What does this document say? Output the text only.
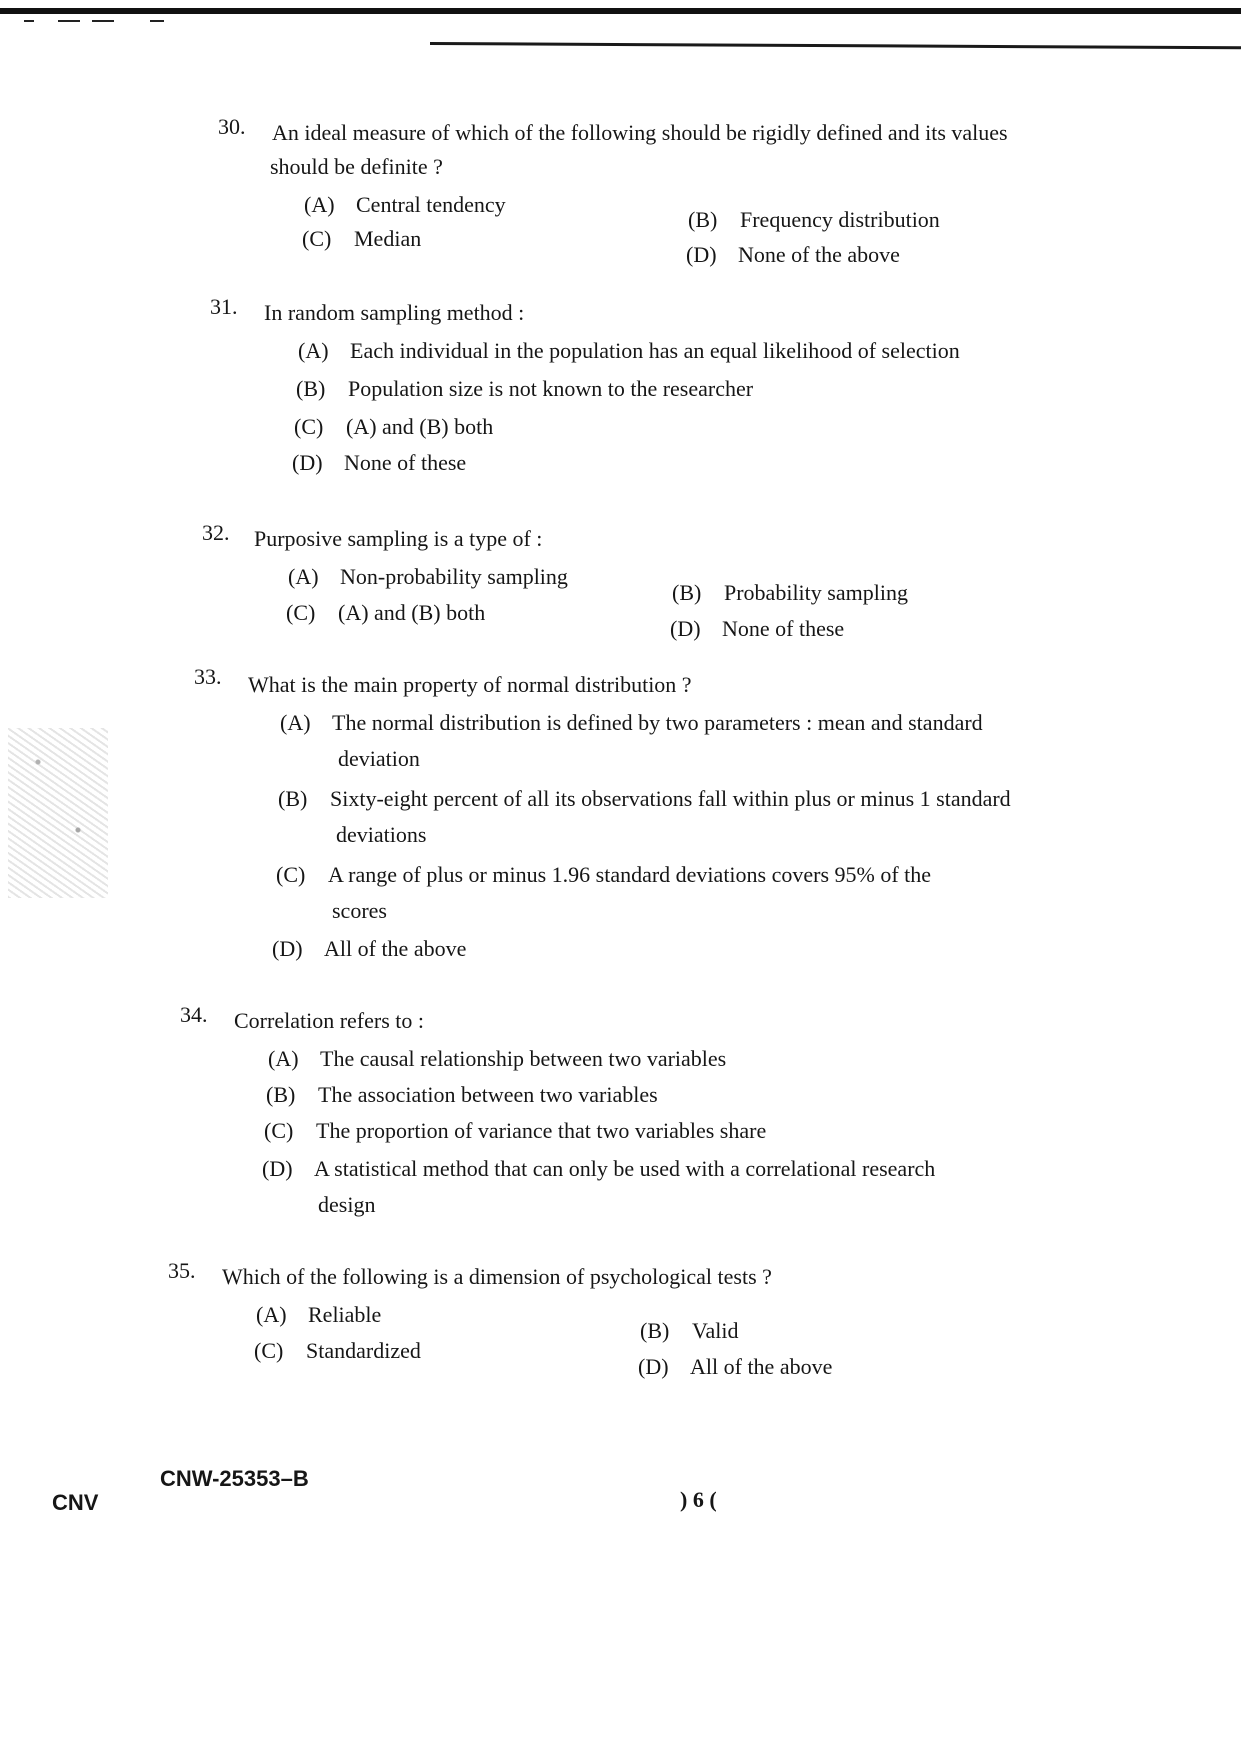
30. An ideal measure of which of the following should be rigidly defined and its values
should be definite ?
(A) Central tendency
(B) Frequency distribution
(C) Median
(D) None of the above
31. In random sampling method :
(A) Each individual in the population has an equal likelihood of selection
(B) Population size is not known to the researcher
(C) (A) and (B) both
(D) None of these
32. Purposive sampling is a type of :
(A) Non-probability sampling
(B) Probability sampling
(C) (A) and (B) both
(D) None of these
33. What is the main property of normal distribution ?
(A) The normal distribution is defined by two parameters : mean and standard
deviation
(B) Sixty-eight percent of all its observations fall within plus or minus 1 standard
deviations
(C) A range of plus or minus 1.96 standard deviations covers 95% of the
scores
(D) All of the above
34. Correlation refers to :
(A) The causal relationship between two variables
(B) The association between two variables
(C) The proportion of variance that two variables share
(D) A statistical method that can only be used with a correlational research
design
35. Which of the following is a dimension of psychological tests ?
(A) Reliable
(B) Valid
(C) Standardized
(D) All of the above
CNW-25353–B
CNV	) 6 (
